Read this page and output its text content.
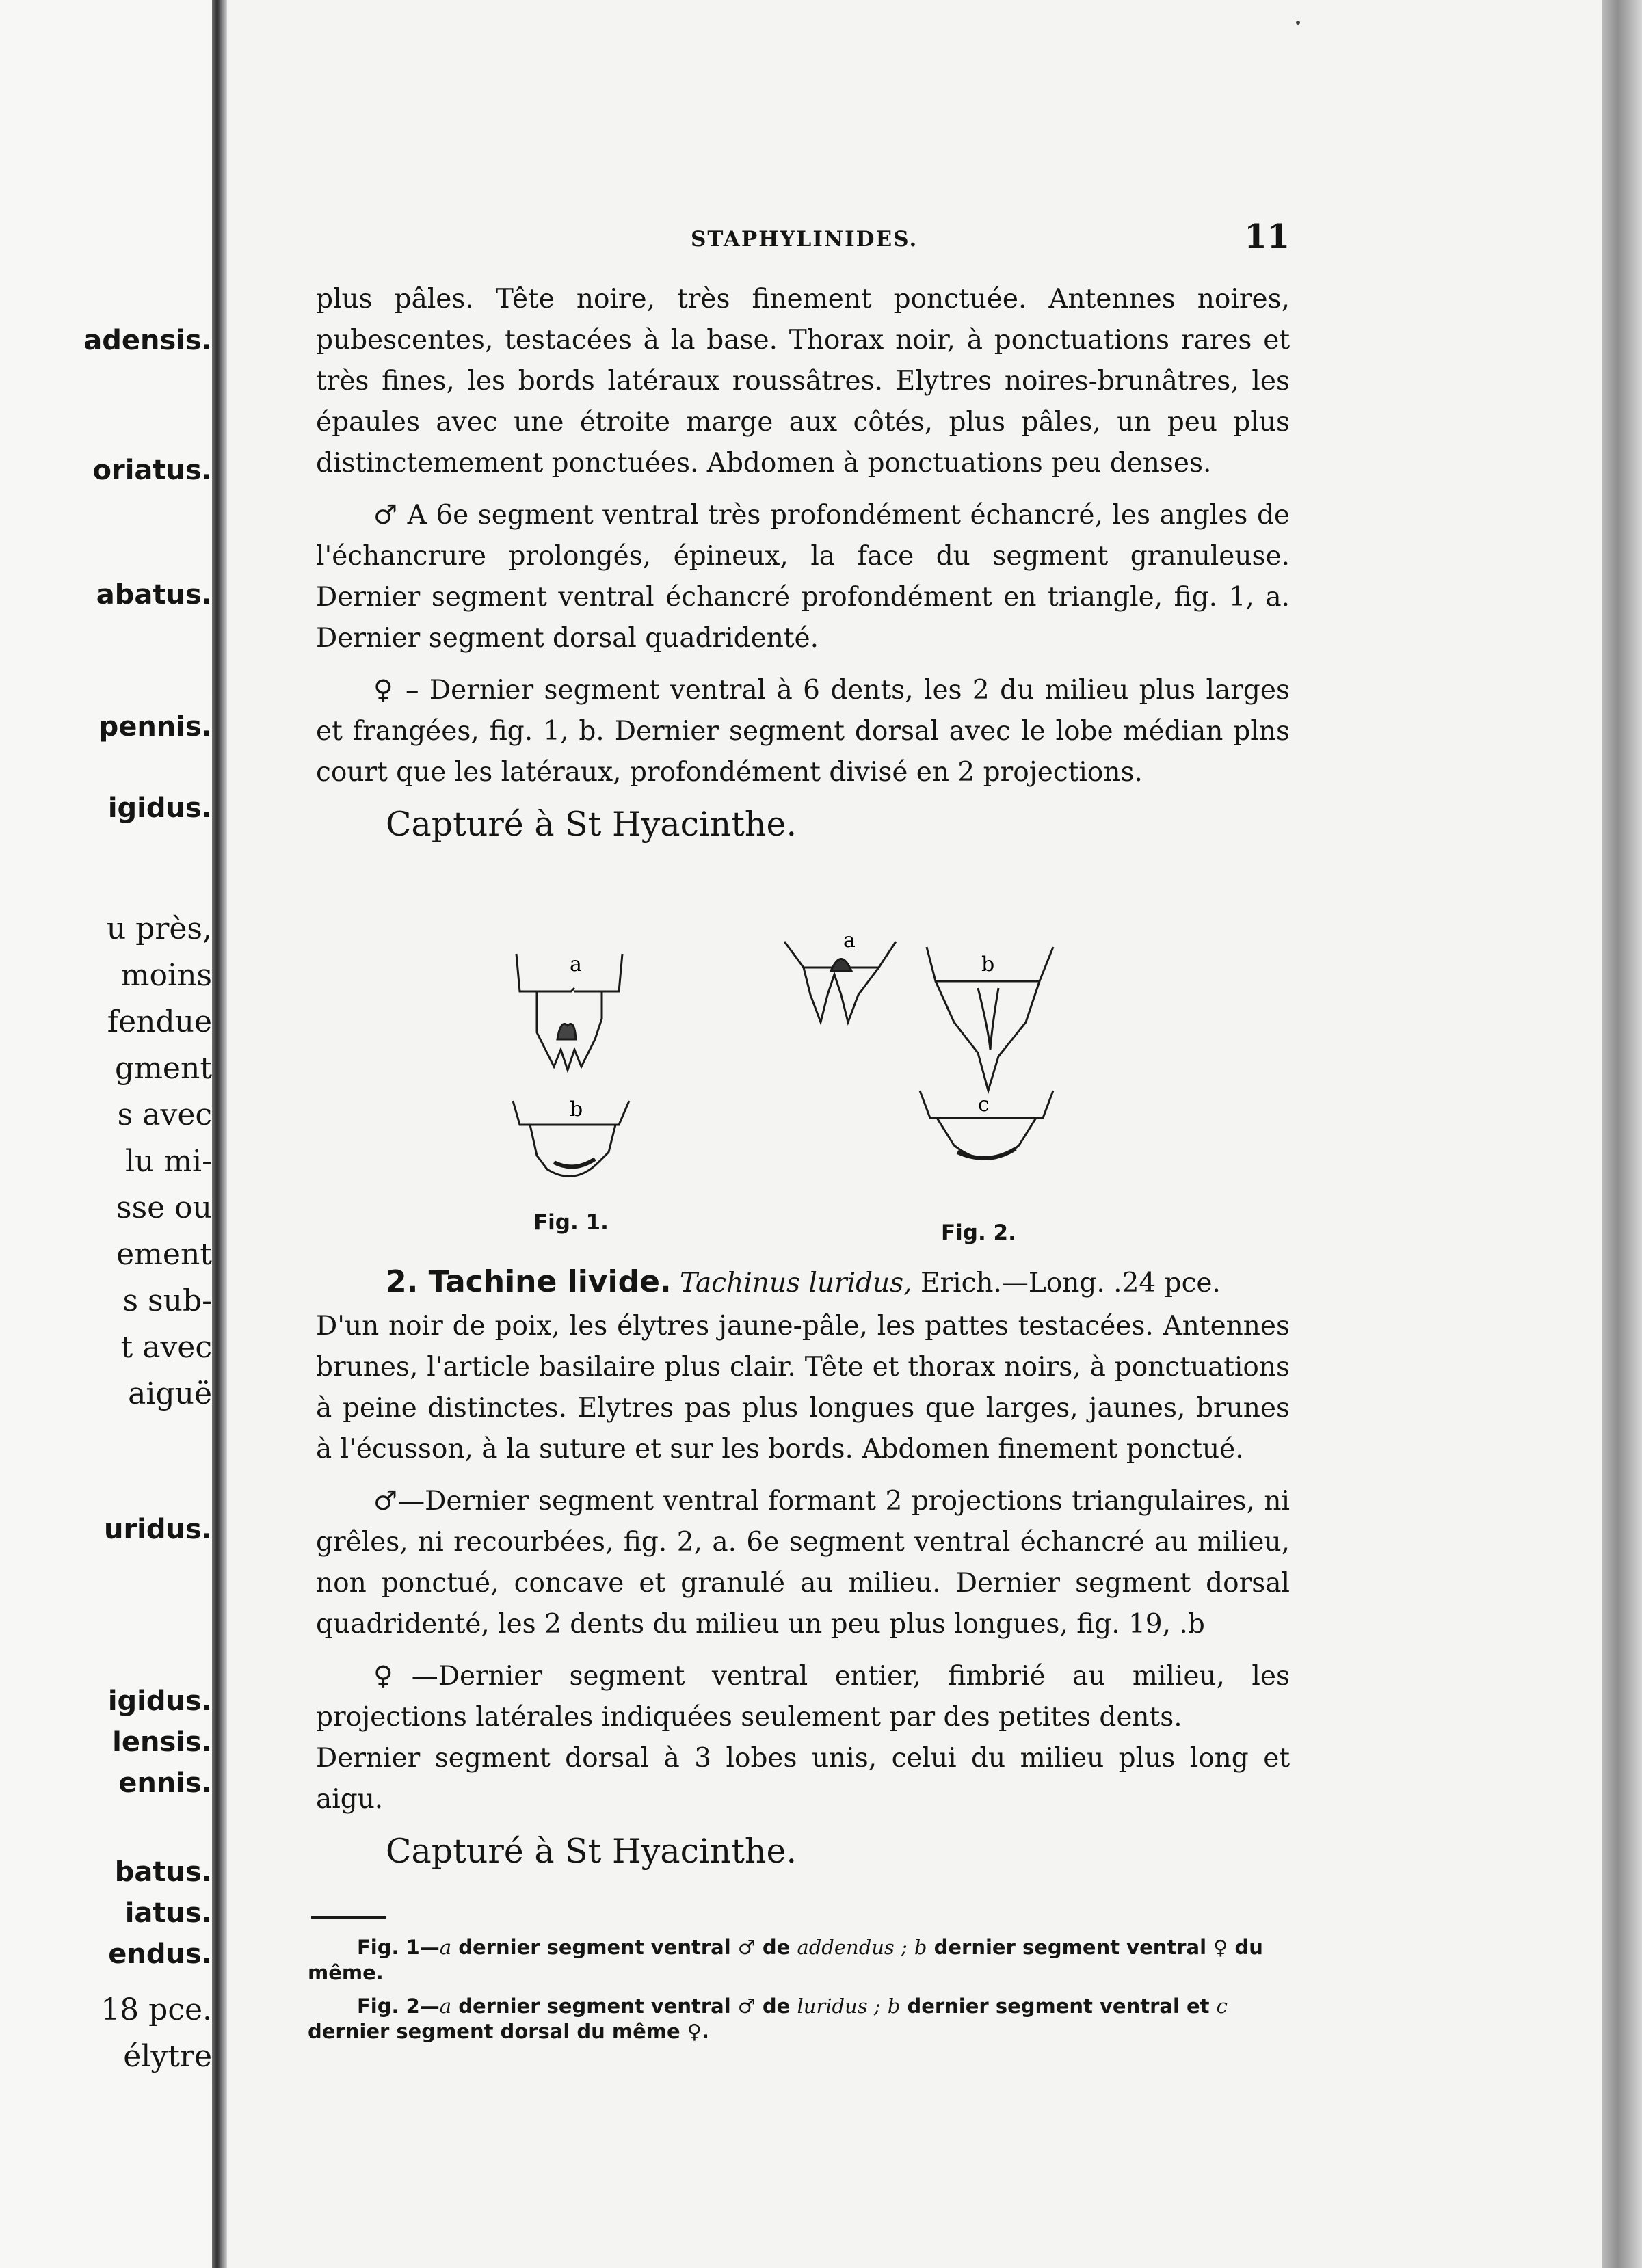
adensis.
oriatus.
abatus.
pennis.
igidus.
u près,
moins
fendue
gment
s avec
lu mi-
sse ou
ement
s sub-
t avec
aiguë
uridus.
igidus.
lensis.
ennis.
batus.
iatus.
endus.
18 pce.
élytre
STAPHYLINIDES.	11

plus pâles. Tête noire, très finement ponctuée. Antennes noires, pubescentes, testacées à la base. Thorax noir, à ponctuations rares et très fines, les bords latéraux roussâtres. Elytres noires-brunâtres, les épaules avec une étroite marge aux côtés, plus pâles, un peu plus distinctemement ponctuées. Abdomen à ponctuations peu denses.

♂ A 6e segment ventral très profondément échancré, les angles de l'échancrure prolongés, épineux, la face du segment granuleuse. Dernier segment ventral échancré profondément en triangle, fig. 1, a. Dernier segment dorsal quadridenté.

♀ – Dernier segment ventral à 6 dents, les 2 du milieu plus larges et frangées, fig. 1, b. Dernier segment dorsal avec le lobe médian plns court que les latéraux, profondément divisé en 2 projections.

Capturé à St Hyacinthe.

a
b
Fig. 1.
a
b
c
Fig. 2.
2. Tachine livide. Tachinus luridus, Erich.—Long. .24 pce.

D'un noir de poix, les élytres jaune-pâle, les pattes testacées. Antennes brunes, l'article basilaire plus clair. Tête et thorax noirs, à ponctuations à peine distinctes. Elytres pas plus longues que larges, jaunes, brunes à l'écusson, à la suture et sur les bords. Abdomen finement ponctué.

♂—Dernier segment ventral formant 2 projections triangulaires, ni grêles, ni recourbées, fig. 2, a. 6e segment ventral échancré au milieu, non ponctué, concave et granulé au milieu. Dernier segment dorsal quadridenté, les 2 dents du milieu un peu plus longues, fig. 19, .b

♀—Dernier segment ventral entier, fimbrié au milieu, les projections latérales indiquées seulement par des petites dents.

Dernier segment dorsal à 3 lobes unis, celui du milieu plus long et aigu.

Capturé à St Hyacinthe.

Fig. 1—a dernier segment ventral ♂ de addendus ; b dernier segment ventral ♀ du même.

Fig. 2—a dernier segment ventral ♂ de luridus ; b dernier segment ventral et c dernier segment dorsal du même ♀.
